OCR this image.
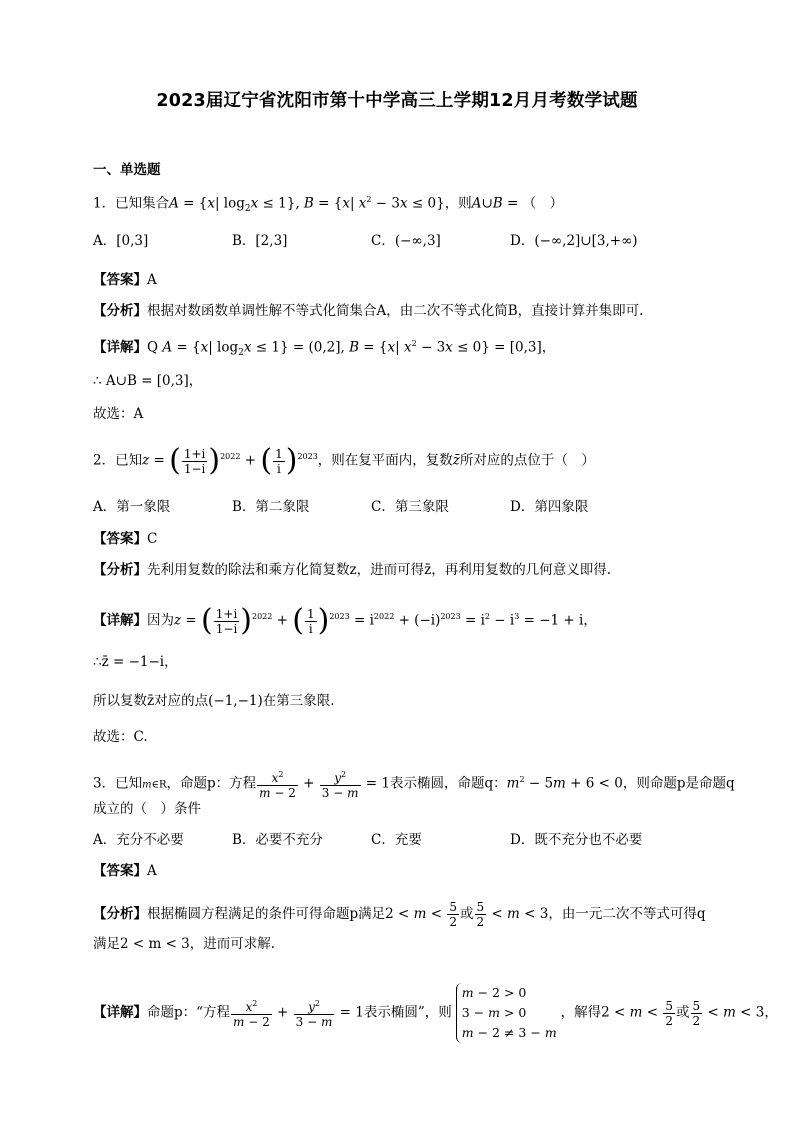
2023届辽宁省沈阳市第十中学高三上学期12月月考数学试题
一、单选题
1．已知集合A = {x| $\log_2x \le 1$}, B = {x| $x^2 - 3x \le 0$}，则A∪B = （　）
A．[0,3]	B．[2,3]	C．(−∞,3]	D．(−∞,2]∪[3,+∞)
【答案】A
【分析】根据对数函数单调性解不等式化简集合A，由二次不等式化简B，直接计算并集即可.
【详解】Q A = {x| $\log_2x \le 1\} = (0,2]$, B = {x| $x^2 - 3x \le 0\} = [0,3]$，
∴ A∪B = [0,3]，
故选：A
2．已知z = ( $\frac{1+i}{1-i} )^{2022}$ + ( $\frac{1}{i} )^{2023}$，则在复平面内，复数z̄所对应的点位于（　）
A．第一象限	B．第二象限	C．第三象限	D．第四象限
【答案】C
【分析】先利用复数的除法和乘方化简复数z，进而可得z̄，再利用复数的几何意义即得.
【详解】因为z = ( $\frac{1+i}{1-i} )^{2022}$ + ( $\frac{1}{i} )^{2023} = i^{2022} + (-i)^{2023} = i^2 - i^3 = -1 + i$，
∴z̄ = −1−i，
所以复数z̄对应的点(−1,−1)在第三象限．
故选：C.
3．已知m∈R，命题p：方程 $\frac{x^2}{m - 2} + \frac{y^2}{3 - m} = 1$表示椭圆，命题q：$m^2 - 5m + 6 < 0$，则命题p是命题q
成立的（　）条件
A．充分不必要	B．必要不充分	C．充要	D．既不充分也不必要
【答案】A
【分析】根据椭圆方程满足的条件可得命题p满足$2 < m < \frac{5}{2}$ 或 $\frac{5}{2} < m < 3$，由一元二次不等式可得q
满足2 < m < 3，进而可求解.
【详解】命题p：“方程 $\frac{x^2}{m - 2} + \frac{y^2}{3 - m} = 1$表示椭圆”，则
m − 2 > 0
3 − m > 0
m − 2 ≠ 3 − m
，解得$2 < m < \frac{5}{2}$ 或 $\frac{5}{2} < m < 3$，
